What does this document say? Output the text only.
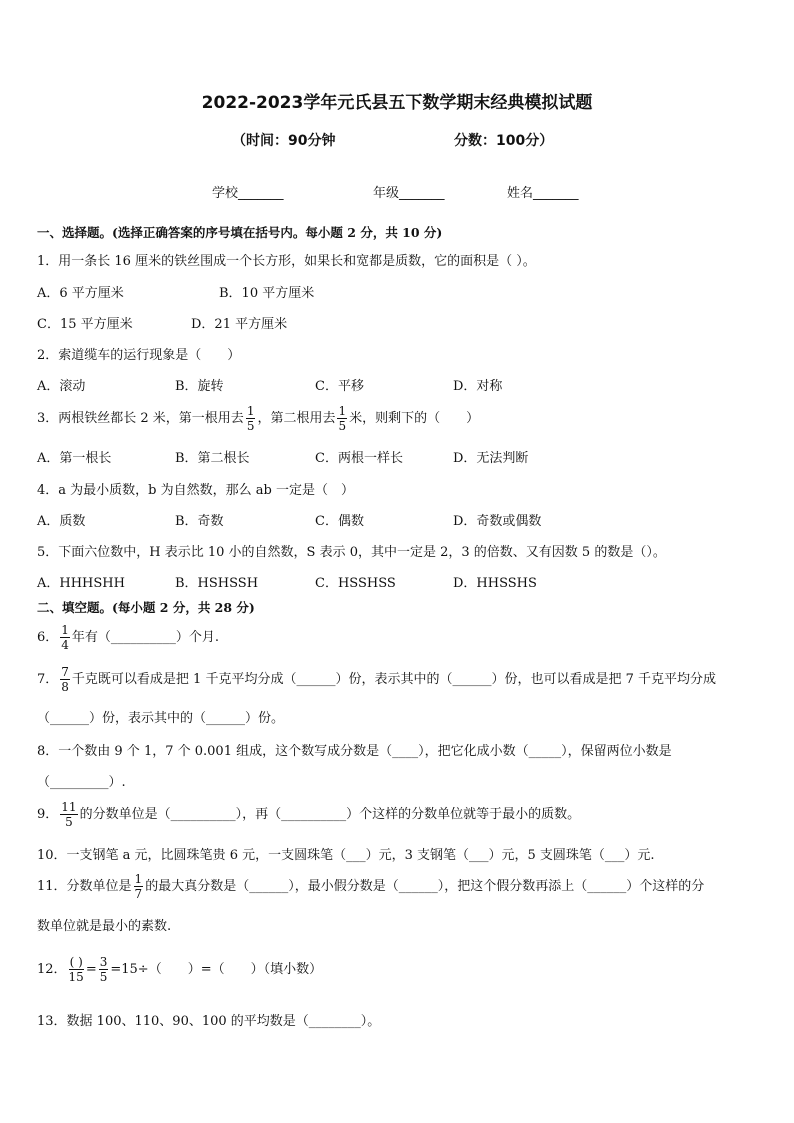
2022-2023学年元氏县五下数学期末经典模拟试题
（时间：90分钟	分数：100分）
学校_______	年级_______	姓名_______
一、选择题。(选择正确答案的序号填在括号内。每小题 2 分，共 10 分)
1．用一条长 16 厘米的铁丝围成一个长方形，如果长和宽都是质数，它的面积是（ ）。
A．6 平方厘米	B．10 平方厘米
C．15 平方厘米	D．21 平方厘米
2．索道缆车的运行现象是（　　）
A．滚动	B．旋转	C．平移	D．对称
3．两根铁丝都长 2 米，第一根用去 $\frac{1}{5}$ ，第二根用去 $\frac{1}{5}$ 米，则剩下的（　　）
A．第一根长	B．第二根长	C．两根一样长	D．无法判断
4．a 为最小质数，b 为自然数，那么 ab 一定是（　）
A．质数	B．奇数	C．偶数	D．奇数或偶数
5．下面六位数中，H 表示比 10 小的自然数，S 表示 0，其中一定是 2，3 的倍数、又有因数 5 的数是（）。
A．HHHSHH	B．HSHSSH	C．HSSHSS	D．HHSSHS
二、填空题。(每小题 2 分，共 28 分)
6． $\frac{1}{4}$ 年有（__________）个月.
7． $\frac{7}{8}$ 千克既可以看成是把 1 千克平均分成（______）份，表示其中的（______）份，也可以看成是把 7 千克平均分成
（______）份，表示其中的（______）份。
8．一个数由 9 个 1，7 个 0.001 组成，这个数写成分数是（____），把它化成小数（_____），保留两位小数是
（_________）.
9． $\frac{11}{5}$ 的分数单位是（__________），再（__________）个这样的分数单位就等于最小的质数。
10．一支钢笔 a 元，比圆珠笔贵 6 元，一支圆珠笔（___）元，3 支钢笔（___）元，5 支圆珠笔（___）元.
11．分数单位是 $\frac{1}{7}$ 的最大真分数是（______），最小假分数是（______），把这个假分数再添上（______）个这样的分
数单位就是最小的素数.
12． $\frac{( )}{15} = \frac{3}{5} =15\div$（　　）=（　　）（填小数）
13．数据 100、110、90、100 的平均数是（________）。
